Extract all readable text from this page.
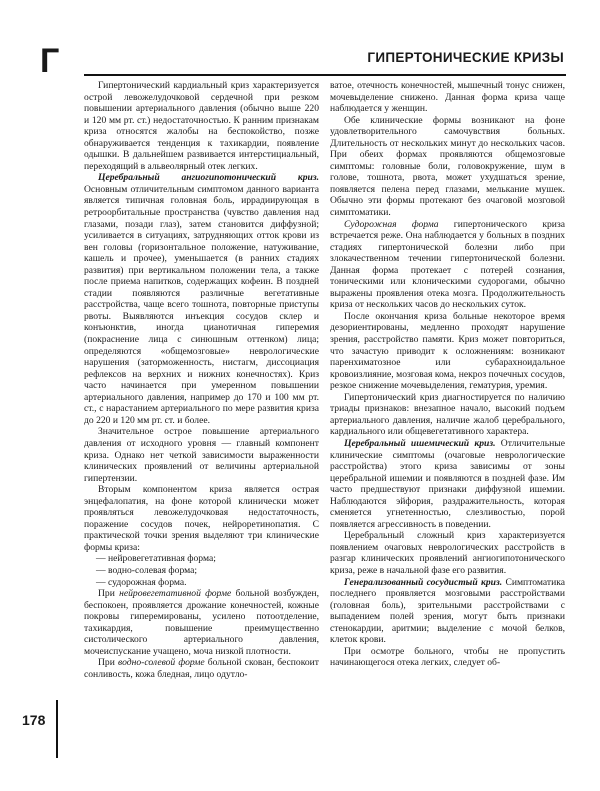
Г	ГИПЕРТОНИЧЕСКИЕ КРИЗЫ
178

Гипертонический кардиальный криз характеризуется острой левожелудочковой сердечной при резком повышении артериального давления (обычно выше 220 и 120 мм рт. ст.) недостаточностью. К ранним признакам криза относятся жалобы на беспокойство, позже обнаруживается тенденция к тахикардии, появление одышки. В дальнейшем развивается интерстициальный, переходящий в альвеолярный отек легких.

Церебральный ангиогипотонический криз. Основным отличительным симптомом данного варианта является типичная головная боль, иррадиирующая в ретроорбитальные пространства (чувство давления над глазами, позади глаз), затем становится диффузной; усиливается в ситуациях, затрудняющих отток крови из вен головы (горизонтальное положение, натуживание, кашель и прочее), уменьшается (в ранних стадиях развития) при вертикальном положении тела, а также после приема напитков, содержащих кофеин. В поздней стадии появляются различные вегетативные расстройства, чаще всего тошнота, повторные приступы рвоты. Выявляются инъекция сосудов склер и конъюнктив, иногда цианотичная гиперемия (покраснение лица с синюшным оттенком) лица; определяются «общемозговые» неврологические нарушения (заторможенность, нистагм, диссоциация рефлексов на верхних и нижних конечностях). Криз часто начинается при умеренном повышении артериального давления, например до 170 и 100 мм рт. ст., с нарастанием артериального по мере развития криза до 220 и 120 мм рт. ст. и более.

Значительное острое повышение артериального давления от исходного уровня — главный компонент криза. Однако нет четкой зависимости выраженности клинических проявлений от величины артериальной гипертензии.

Вторым компонентом криза является острая энцефалопатия, на фоне которой клинически может проявляться левожелудочковая недостаточность, поражение сосудов почек, нейроретинопатия. С практической точки зрения выделяют три клинические формы криза:

— нейровегетативная форма;

— водно-солевая форма;

— судорожная форма.

При нейровегетативной форме больной возбужден, беспокоен, проявляется дрожание конечностей, кожные покровы гиперемированы, усилено потоотделение, тахикардия, повышение преимущественно систолического артериального давления, мочеиспускание учащено, моча низкой плотности.

При водно-солевой форме больной скован, беспокоит сонливость, кожа бледная, лицо одутло-

ватое, отечность конечностей, мышечный тонус снижен, мочевыделение снижено. Данная форма криза чаще наблюдается у женщин.

Обе клинические формы возникают на фоне удовлетворительного самочувствия больных. Длительность от нескольких минут до нескольких часов. При обеих формах проявляются общемозговые симптомы: головные боли, головокружение, шум в голове, тошнота, рвота, может ухудшаться зрение, появляется пелена перед глазами, мелькание мушек. Обычно эти формы протекают без очаговой мозговой симптоматики.

Судорожная форма гипертонического криза встречается реже. Она наблюдается у больных в поздних стадиях гипертонической болезни либо при злокачественном течении гипертонической болезни. Данная форма протекает с потерей сознания, тоническими или клоническими судорогами, обычно выражены проявления отека мозга. Продолжительность криза от нескольких часов до нескольких суток.

После окончания криза больные некоторое время дезориентированы, медленно проходят нарушение зрения, расстройство памяти. Криз может повториться, что зачастую приводит к осложнениям: возникают паренхиматозное или субарахноидальное кровоизлияние, мозговая кома, некроз почечных сосудов, резкое снижение мочевыделения, гематурия, уремия.

Гипертонический криз диагностируется по наличию триады признаков: внезапное начало, высокий подъем артериального давления, наличие жалоб церебрального, кардиального или общевегетативного характера.

Церебральный ишемический криз. Отличительные клинические симптомы (очаговые неврологические расстройства) этого криза зависимы от зоны церебральной ишемии и появляются в поздней фазе. Им часто предшествуют признаки диффузной ишемии. Наблюдаются эйфория, раздражительность, которая сменяется угнетенностью, слезливостью, порой появляется агрессивность в поведении.

Церебральный сложный криз характеризуется появлением очаговых неврологических расстройств в разгар клинических проявлений ангиогипотонического криза, реже в начальной фазе его развития.

Генерализованный сосудистый криз. Симптоматика последнего проявляется мозговыми расстройствами (головная боль), зрительными расстройствами с выпадением полей зрения, могут быть признаки стенокардии, аритмии; выделение с мочой белков, клеток крови.

При осмотре больного, чтобы не пропустить начинающегося отека легких, следует об-
